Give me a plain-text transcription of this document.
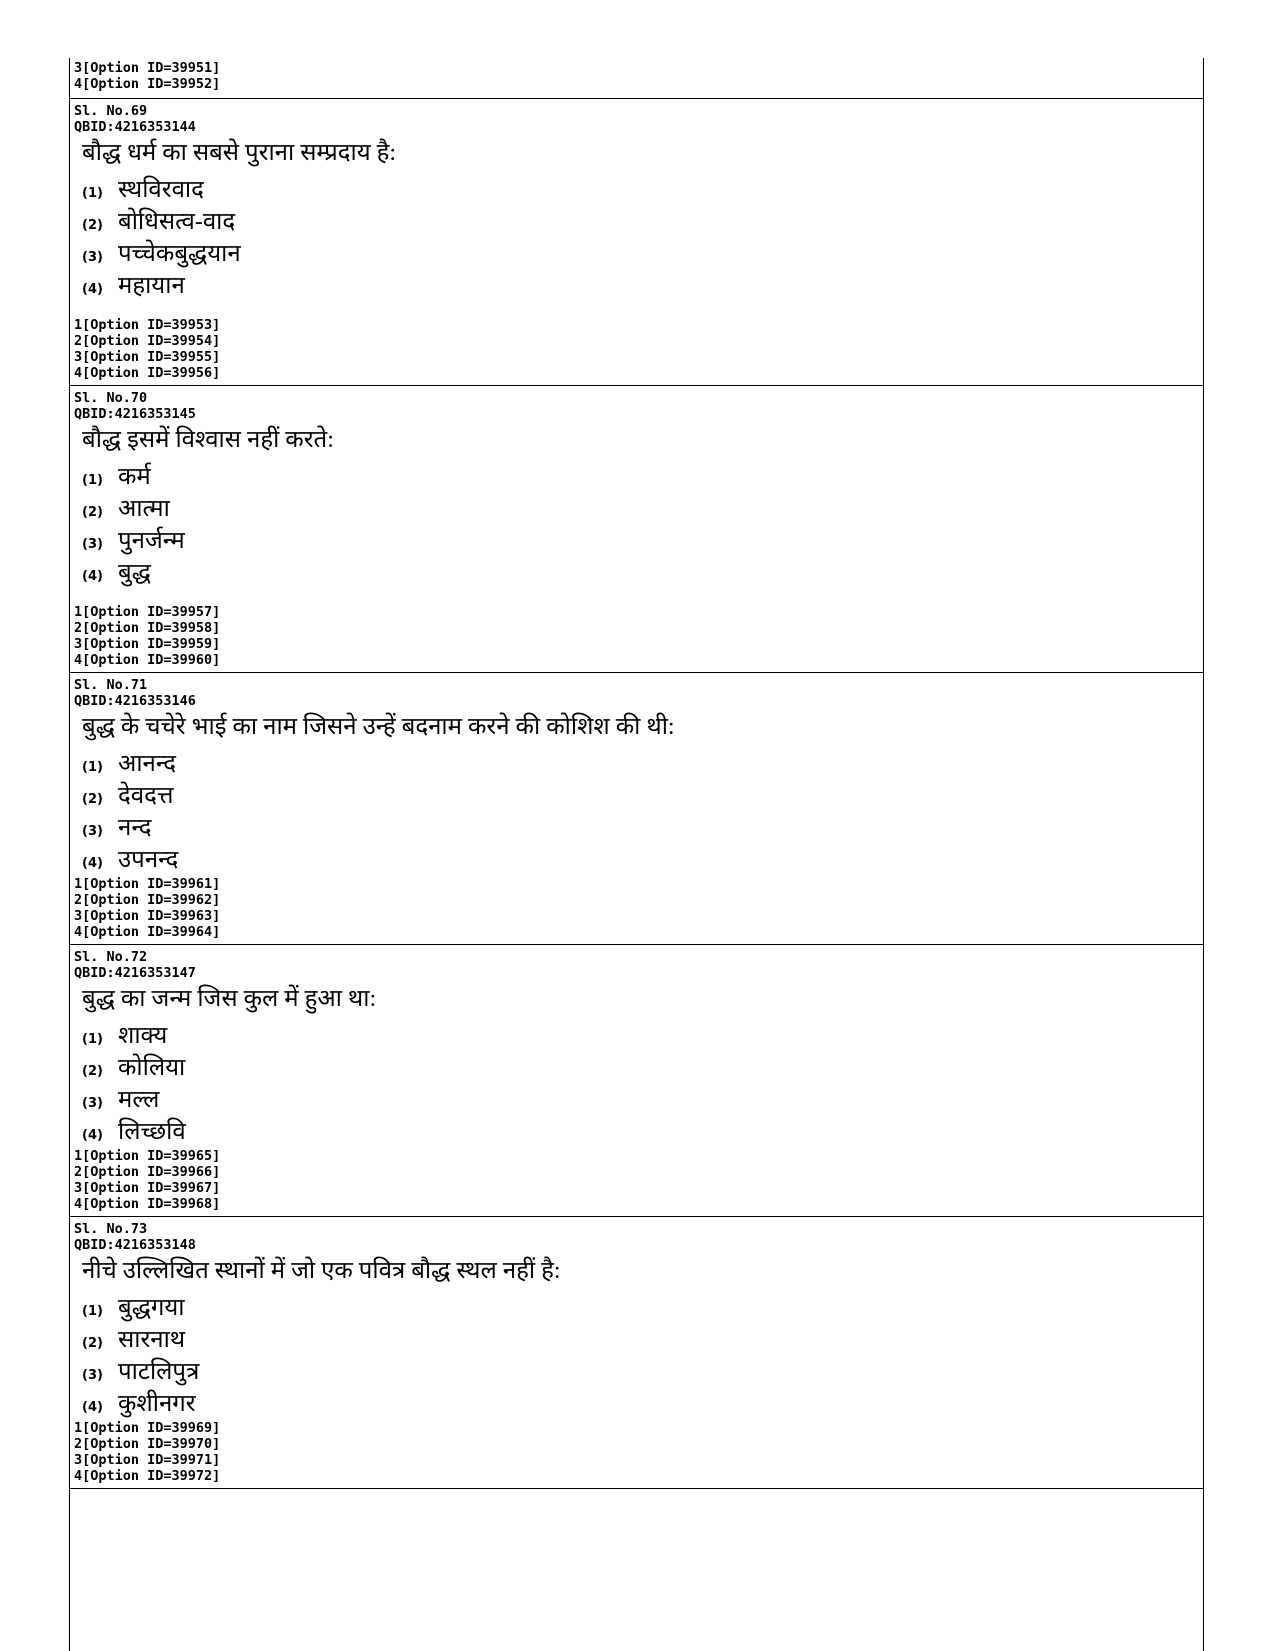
3[Option ID=39951]
4[Option ID=39952]
Sl. No.69
QBID:4216353144
बौद्ध धर्म का सबसे पुराना सम्प्रदाय है:
(1) स्थविरवाद
(2) बोधिसत्व-वाद
(3) पच्चेकबुद्धयान
(4) महायान
1[Option ID=39953]
2[Option ID=39954]
3[Option ID=39955]
4[Option ID=39956]
Sl. No.70
QBID:4216353145
बौद्ध इसमें विश्वास नहीं करते:
(1) कर्म
(2) आत्मा
(3) पुनर्जन्म
(4) बुद्ध
1[Option ID=39957]
2[Option ID=39958]
3[Option ID=39959]
4[Option ID=39960]
Sl. No.71
QBID:4216353146
बुद्ध के चचेरे भाई का नाम जिसने उन्हें बदनाम करने की कोशिश की थी:
(1) आनन्द
(2) देवदत्त
(3) नन्द
(4) उपनन्द
1[Option ID=39961]
2[Option ID=39962]
3[Option ID=39963]
4[Option ID=39964]
Sl. No.72
QBID:4216353147
बुद्ध का जन्म जिस कुल में हुआ था:
(1) शाक्य
(2) कोलिया
(3) मल्ल
(4) लिच्छवि
1[Option ID=39965]
2[Option ID=39966]
3[Option ID=39967]
4[Option ID=39968]
Sl. No.73
QBID:4216353148
नीचे उल्लिखित स्थानों में जो एक पवित्र बौद्ध स्थल नहीं है:
(1) बुद्धगया
(2) सारनाथ
(3) पाटलिपुत्र
(4) कुशीनगर
1[Option ID=39969]
2[Option ID=39970]
3[Option ID=39971]
4[Option ID=39972]
